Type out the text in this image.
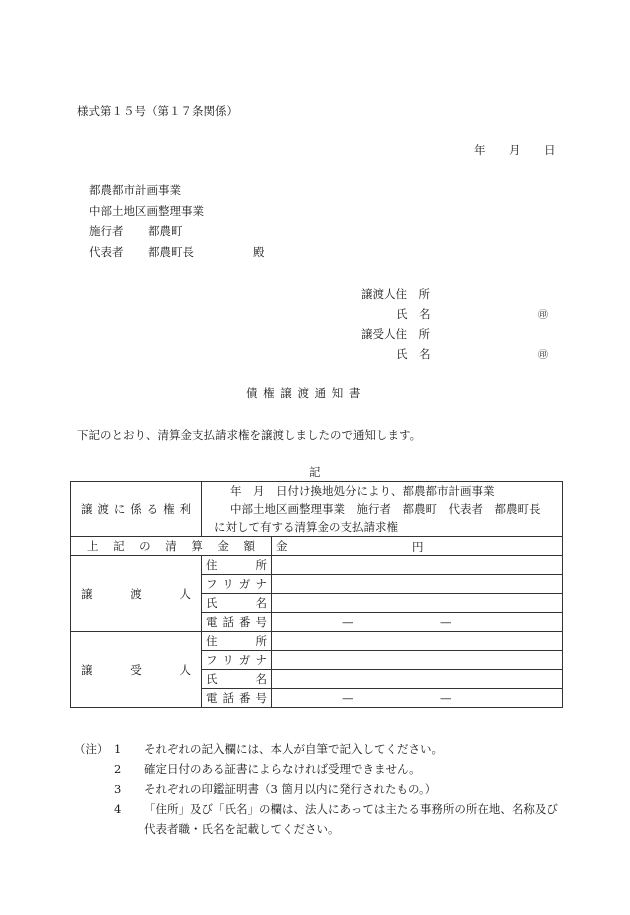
様式第１５号（第１７条関係）
年 月 日
都農都市計画事業
中部土地区画整理事業
施行者 都農町
代表者 都農町長	殿
譲渡人住　所
氏　名	㊞
譲受人住　所
氏　名	㊞
債 権 譲 渡 通 知 書
下記のとおり、清算金支払請求権を譲渡しましたので通知します。
記
譲 渡 に 係 る 権 利	年　月　日付け換地処分により、都農都市計画事業	
	中部土地区画整理事業　施行者　都農町　代表者　都農町長	
	に対して有する清算金の支払請求権	

上 記 の 清 算 金 額		金 円

譲 渡 人	住 所	

	フリガナ	

	氏 名	

	電話番号	— —

譲 受 人	住 所	

	フリガナ	

	氏 名	

	電話番号	— —
（注） 1	それぞれの記入欄には、本人が自筆で記入してください。
2	確定日付のある証書によらなければ受理できません。
3	それぞれの印鑑証明書（3 箇月以内に発行されたもの。）
4	「住所」及び「氏名」の欄は、法人にあっては主たる事務所の所在地、名称及び
代表者職・氏名を記載してください。
